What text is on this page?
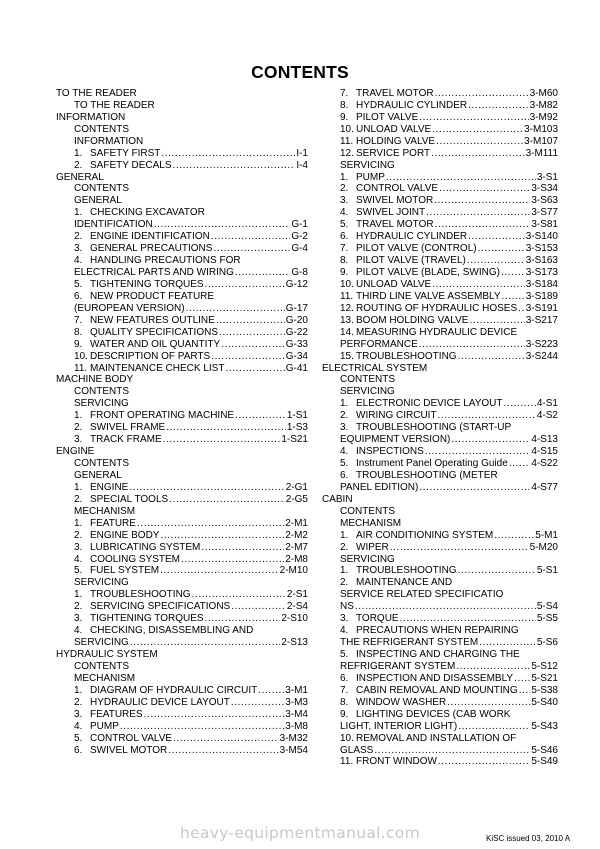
CONTENTS
TO THE READER
TO THE READER
INFORMATION
CONTENTS
INFORMATION
1. SAFETY FIRST .....	I-1
2. SAFETY DECALS .....	I-4
GENERAL
CONTENTS
GENERAL
1. CHECKING EXCAVATOR
IDENTIFICATION .....	G-1
2. ENGINE IDENTIFICATION .....	G-2
3. GENERAL PRECAUTIONS .....	G-4
4. HANDLING PRECAUTIONS FOR
ELECTRICAL PARTS AND WIRING .....	G-8
5. TIGHTENING TORQUES .....	G-12
6. NEW PRODUCT FEATURE
(EUROPEAN VERSION) .....	G-17
7. NEW FEATURES OUTLINE .....	G-20
8. QUALITY SPECIFICATIONS .....	G-22
9. WATER AND OIL QUANTITY .....	G-33
10. DESCRIPTION OF PARTS .....	G-34
11. MAINTENANCE CHECK LIST .....	G-41
MACHINE BODY
CONTENTS
SERVICING
1. FRONT OPERATING MACHINE .....	1-S1
2. SWIVEL FRAME .....	1-S3
3. TRACK FRAME .....	1-S21
ENGINE
CONTENTS
GENERAL
1. ENGINE .....	2-G1
2. SPECIAL TOOLS .....	2-G5
MECHANISM
1. FEATURE .....	2-M1
2. ENGINE BODY .....	2-M2
3. LUBRICATING SYSTEM .....	2-M7
4. COOLING SYSTEM .....	2-M8
5. FUEL SYSTEM .....	2-M10
SERVICING
1. TROUBLESHOOTING .....	2-S1
2. SERVICING SPECIFICATIONS .....	2-S4
3. TIGHTENING TORQUES .....	2-S10
4. CHECKING, DISASSEMBLING AND
SERVICING .....	2-S13
HYDRAULIC SYSTEM
CONTENTS
MECHANISM
1. DIAGRAM OF HYDRAULIC CIRCUIT .....	3-M1
2. HYDRAULIC DEVICE LAYOUT .....	3-M3
3. FEATURES .....	3-M4
4. PUMP .....	3-M8
5. CONTROL VALVE .....	3-M32
6. SWIVEL MOTOR .....	3-M54
7. TRAVEL MOTOR .....	3-M60
8. HYDRAULIC CYLINDER .....	3-M82
9. PILOT VALVE .....	3-M92
10. UNLOAD VALVE .....	3-M103
11. HOLDING VALVE .....	3-M107
12. SERVICE PORT .....	3-M111
SERVICING
1. PUMP .....	3-S1
2. CONTROL VALVE .....	3-S34
3. SWIVEL MOTOR .....	3-S63
4. SWIVEL JOINT .....	3-S77
5. TRAVEL MOTOR .....	3-S81
6. HYDRAULIC CYLINDER .....	3-S140
7. PILOT VALVE (CONTROL) .....	3-S153
8. PILOT VALVE (TRAVEL) .....	3-S163
9. PILOT VALVE (BLADE, SWING) .....	3-S173
10. UNLOAD VALVE .....	3-S184
11. THIRD LINE VALVE ASSEMBLY .....	3-S189
12. ROUTING OF HYDRAULIC HOSES ..... 3-S191
13. BOOM HOLDING VALVE .....	3-S217
14. MEASURING HYDRAULIC DEVICE
PERFORMANCE .....	3-S223
15. TROUBLESHOOTING .....	3-S244
ELECTRICAL SYSTEM
CONTENTS
SERVICING
1. ELECTRONIC DEVICE LAYOUT .....	4-S1
2. WIRING CIRCUIT .....	4-S2
3. TROUBLESHOOTING (START-UP
EQUIPMENT VERSION) .....	4-S13
4. INSPECTIONS .....	4-S15
5. Instrument Panel Operating Guide ..... 4-S22
6. TROUBLESHOOTING (METER
PANEL EDITION) .....	4-S77
CABIN
CONTENTS
MECHANISM
1. AIR CONDITIONING SYSTEM .....	5-M1
2. WIPER .....	5-M20
SERVICING
1. TROUBLESHOOTING .....	5-S1
2. MAINTENANCE AND
SERVICE RELATED SPECIFICATIO
NS .....	5-S4
3. TORQUE .....	5-S5
4. PRECAUTIONS WHEN REPAIRING
THE REFRIGERANT SYSTEM .....	5-S6
5. INSPECTING AND CHARGING THE
REFRIGERANT SYSTEM .....	5-S12
6. INSPECTION AND DISASSEMBLY ..... 5-S21
7. CABIN REMOVAL AND MOUNTING ..... 5-S38
8. WINDOW WASHER .....	5-S40
9. LIGHTING DEVICES (CAB WORK
LIGHT, INTERIOR LIGHT) .....	5-S43
10. REMOVAL AND INSTALLATION OF
GLASS .....	5-S46
11. FRONT WINDOW .....	5-S49
heavy-equipmentmanual.com	KiSC issued 03, 2010 A
